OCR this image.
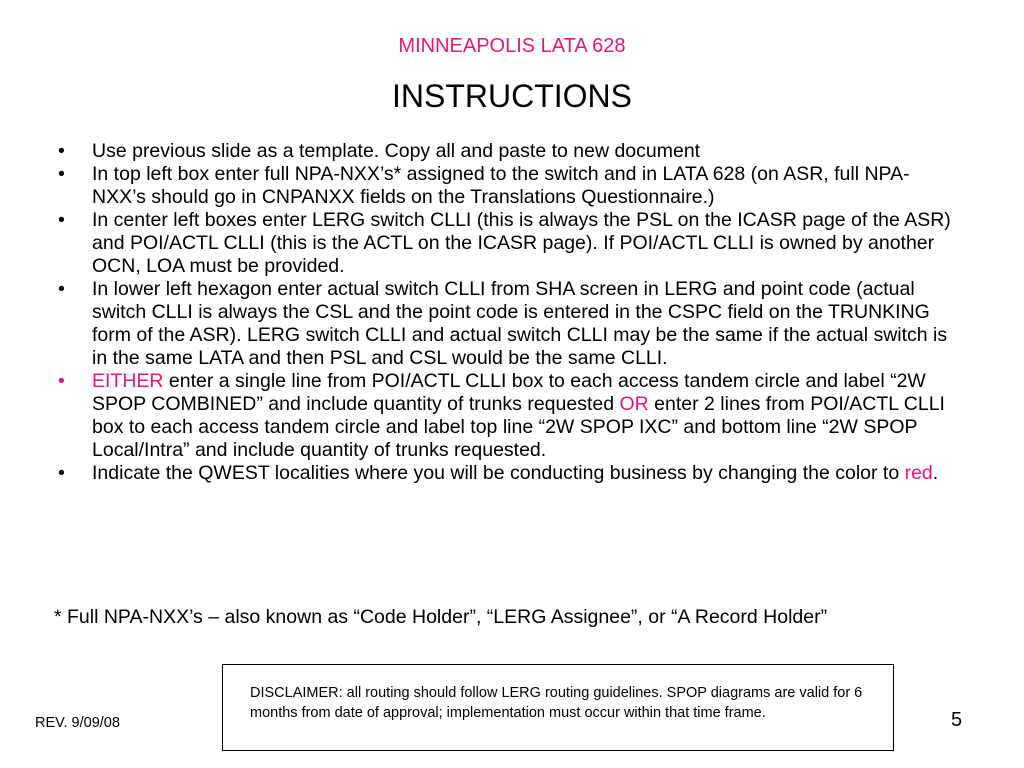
MINNEAPOLIS LATA 628
INSTRUCTIONS
• Use previous slide as a template. Copy all and paste to new document
• In top left box enter full NPA-NXX’s* assigned to the switch and in LATA 628 (on ASR, full NPA-NXX’s should go in CNPANXX fields on the Translations Questionnaire.)
• In center left boxes enter LERG switch CLLI (this is always the PSL on the ICASR page of the ASR) and POI/ACTL CLLI (this is the ACTL on the ICASR page). If POI/ACTL CLLI is owned by another OCN, LOA must be provided.
• In lower left hexagon enter actual switch CLLI from SHA screen in LERG and point code (actual switch CLLI is always the CSL and the point code is entered in the CSPC field on the TRUNKING form of the ASR). LERG switch CLLI and actual switch CLLI may be the same if the actual switch is in the same LATA and then PSL and CSL would be the same CLLI.
• EITHER enter a single line from POI/ACTL CLLI box to each access tandem circle and label “2W SPOP COMBINED” and include quantity of trunks requested OR enter 2 lines from POI/ACTL CLLI box to each access tandem circle and label top line “2W SPOP IXC” and bottom line “2W SPOP Local/Intra” and include quantity of trunks requested.
• Indicate the QWEST localities where you will be conducting business by changing the color to red.
* Full NPA-NXX’s – also known as “Code Holder”, “LERG Assignee”, or “A Record Holder”
DISCLAIMER: all routing should follow LERG routing guidelines. SPOP diagrams are valid for 6 months from date of approval; implementation must occur within that time frame.
REV. 9/09/08	5
